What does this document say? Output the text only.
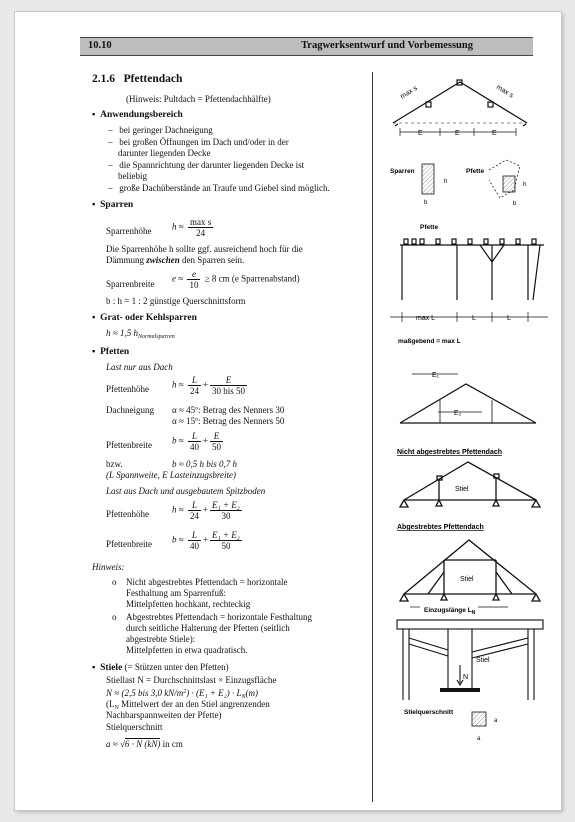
10.10	Tragwerksentwurf und Vorbemessung
2.1.6 Pfettendach
(Hinweis: Pultdach = Pfettendachhälfte)
▪  Anwendungsbereich
–   bei geringer Dachneigung
–   bei großen Öffnungen im Dach und/oder in der
darunter liegenden Decke
–   die Spannrichtung der darunter liegenden Decke ist
beliebig
–   große Dachüberstände an Traufe und Giebel sind möglich.
▪  Sparren
Sparrenhöhe $h \approx \frac{\text{max s}}{24}$
Die Sparrenhöhe h sollte ggf. ausreichend hoch für die
Dämmung zwischen den Sparren sein.
Sparrenbreite
$e \approx \frac{e}{10} \ge 8$ cm (e Sparrenabstand)
b : h = 1 : 2 günstige Querschnittsform
▪  Grat- oder Kehlsparren
h ≈ 1,5 $h_{Normalsparren}$
▪  Pfetten
Last nur aus Dach
Pfettenhöhe	$h \approx \frac{L}{24} + \frac{E}{\text{30 bis 50}}$
Dachneigung α ≈ 45º: Betrag des Nenners 30
α ≈ 15º: Betrag des Nenners 50
Pfettenbreite $b \approx \frac{L}{40} + \frac{E}{50}$
bzw.	b ≈ 0,5 h bis 0,7 h
(L Spannweite, E Lasteinzugsbreite)
Last aus Dach und ausgebautem Spitzboden
Pfettenhöhe	$h \approx \frac{L}{24} + \frac{\text{E₁ + E₂}}{30}$
Pfettenbreite $b \approx \frac{L}{40} + \frac{\text{E₁ + E₂}}{50}$
Hinweis:
o Nicht abgestrebtes Pfettendach = horizontale
Festhaltung am Sparrenfuß:
Mittelpfetten hochkant, rechteckig
o Abgestrebtes Pfettendach = horizontale Festhaltung
durch seitliche Halterung der Pfetten (seitlich
abgestrebte Stiele):
Mittelpfetten in etwa quadratisch.
▪  Stiele (= Stützen unter den Pfetten)
Stiellast N = Durchschnittslast × Einzugsfläche
N ≈ (2,5 bis 3,0 $kN/m^2) \cdot (E_1 + E_2) \cdot L_N(m)$
($L_N$ Mittelwert der an den Stiel angrenzenden
Nachbarspannweiten der Pfette)
Stielquerschnitt
a ≈ √6 · N (kN) in cm
max s	max s
E	E	E
Sparren
h
b
Pfette
h
b
Pfette
max L	L	L
maßgebend = max L
E₁
E₂
Nicht abgestrebtes Pfettendach
Stiel
Abgestrebtes Pfettendach
Stiel
Einzugslänge $L_N$
Stiel
N
Stielquerschnitt
a
a
